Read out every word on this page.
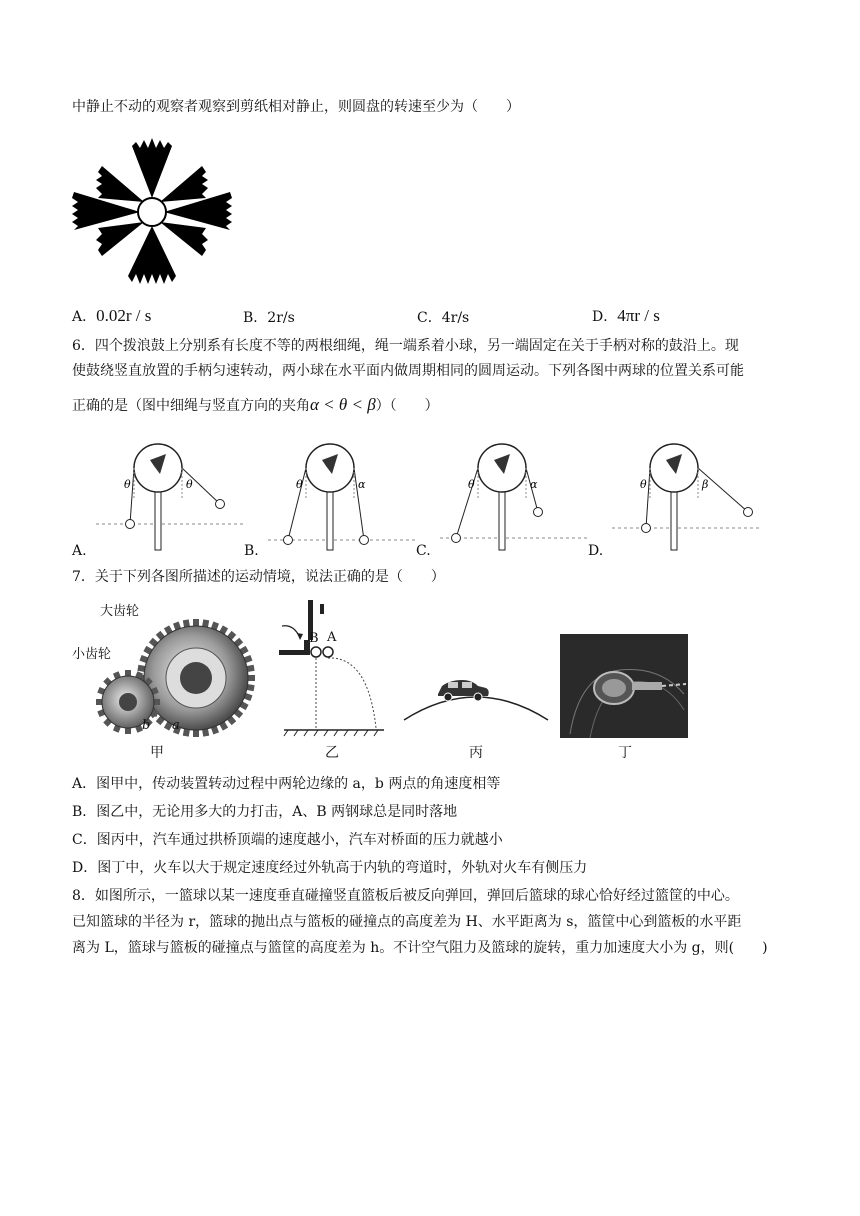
中静止不动的观察者观察到剪纸相对静止，则圆盘的转速至少为（　　）
A．0.02r / s	B．2r/s	C．4r/s	D．4πr / s
6．四个拨浪鼓上分别系有长度不等的两根细绳，绳一端系着小球，另一端固定在关于手柄对称的鼓沿上。现
使鼓绕竖直放置的手柄匀速转动，两小球在水平面内做周期相同的圆周运动。下列各图中两球的位置关系可能
正确的是（图中细绳与竖直方向的夹角α < θ < β）（　　）
θ	θ
A.
θ	α
B.
θ	α
C.
θ	β
D.
7．关于下列各图所描述的运动情境，说法正确的是（　　）
大齿轮
小齿轮
b a
B A
甲	乙	丙	丁
A．图甲中，传动装置转动过程中两轮边缘的 a，b 两点的角速度相等
B．图乙中，无论用多大的力打击，A、B 两钢球总是同时落地
C．图丙中，汽车通过拱桥顶端的速度越小，汽车对桥面的压力就越小
D．图丁中，火车以大于规定速度经过外轨高于内轨的弯道时，外轨对火车有侧压力
8．如图所示，一篮球以某一速度垂直碰撞竖直篮板后被反向弹回，弹回后篮球的球心恰好经过篮筐的中心。
已知篮球的半径为 r，篮球的抛出点与篮板的碰撞点的高度差为 H、水平距离为 s，篮筐中心到篮板的水平距
离为 L，篮球与篮板的碰撞点与篮筐的高度差为 h。不计空气阻力及篮球的旋转，重力加速度大小为 g，则(　　)
